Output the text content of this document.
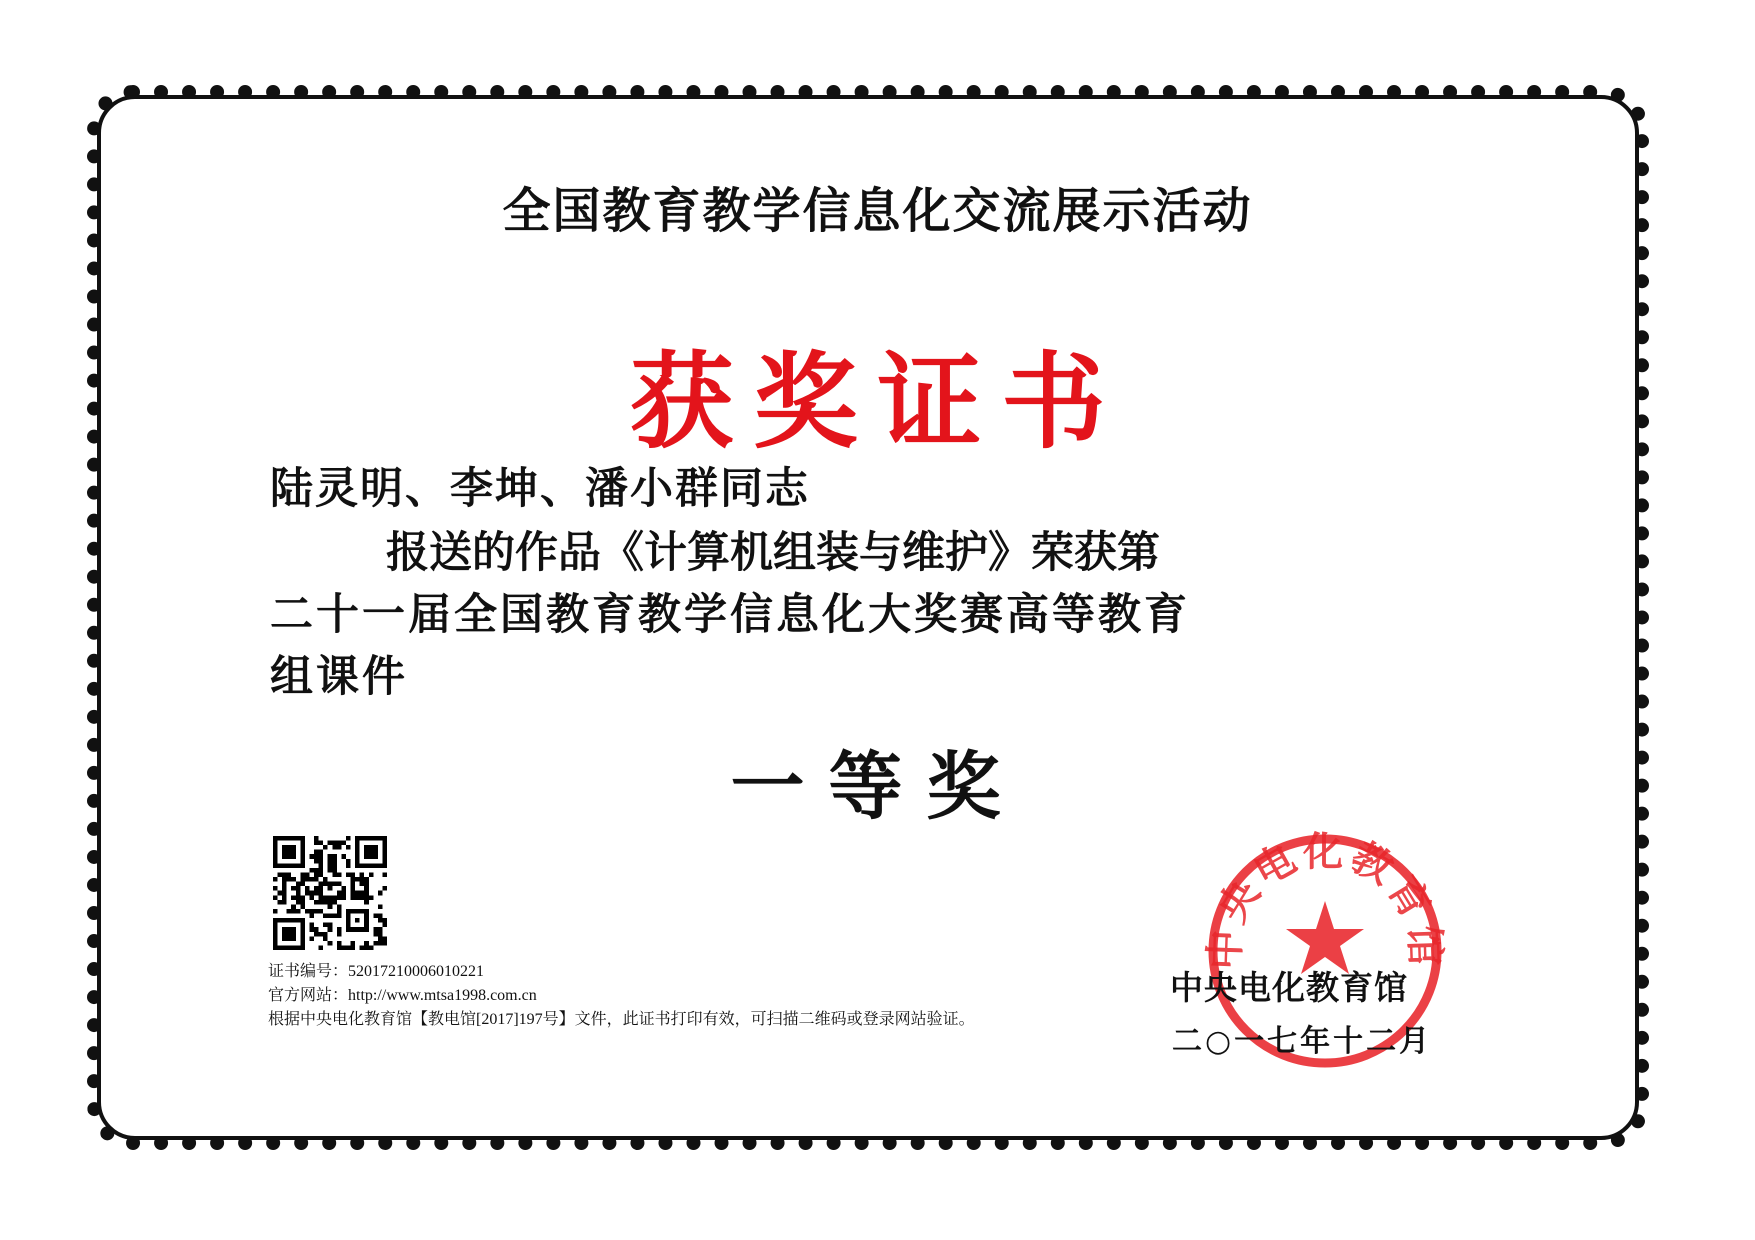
全国教育教学信息化交流展示活动
获奖证书
陆灵明、李坤、潘小群同志
报送的作品《计算机组装与维护》荣获第
二十一届全国教育教学信息化大奖赛高等教育
组课件
一等奖
证书编号：52017210006010221
官方网站：http://www.mtsa1998.com.cn
根据中央电化教育馆【教电馆[2017]197号】文件，此证书打印有效，可扫描二维码或登录网站验证。
中央电化教育馆
中央电化教育馆
二○一七年十二月
